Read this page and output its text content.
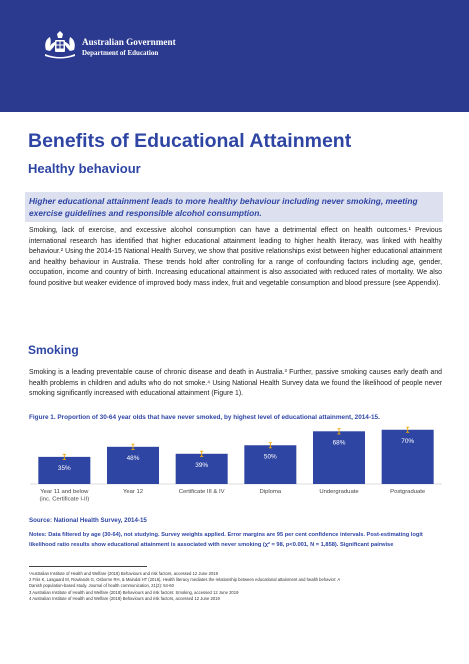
Australian Government
Department of Education
Benefits of Educational Attainment
Healthy behaviour

Higher educational attainment leads to more healthy behaviour including never smoking, meeting exercise guidelines and responsible alcohol consumption.

Smoking, lack of exercise, and excessive alcohol consumption can have a detrimental effect on health outcomes.¹ Previous international research has identified that higher educational attainment leading to higher health literacy, was linked with healthy behaviour.² Using the 2014-15 National Health Survey, we show that positive relationships exist between higher educational attainment and healthy behaviour in Australia. These trends hold after controlling for a range of confounding factors including age, gender, occupation, income and country of birth. Increasing educational attainment is also associated with reduced rates of mortality. We also found positive but weaker evidence of improved body mass index, fruit and vegetable consumption and blood pressure (see Appendix).

Smoking

Smoking is a leading preventable cause of chronic disease and death in Australia.³ Further, passive smoking causes early death and health problems in children and adults who do not smoke.⁴ Using National Health Survey data we found the likelihood of people never smoking significantly increased with educational attainment (Figure 1).

Figure 1. Proportion of 30-64 year olds that have never smoked, by highest level of educational attainment, 2014-15.
35%
Year 11 and below
(inc. Certificate I-II)
48%
Year 12
39%
Certificate III & IV
50%
Diploma
68%
Undergraduate
70%
Postgraduate
Source: National Health Survey, 2014-15
Notes: Data filtered by age (30-64), not studying. Survey weights applied. Error margins are 95 per cent confidence intervals. Post-estimating logit likelihood ratio results show educational attainment is associated with never smoking (χ² = 98, p<0.001, N = 1,858). Significant pairwise

¹Australian Institute of Health and Welfare (2018) Behaviours and risk factors, accessed 12 June 2019

2 Friis K, Lasgaard M, Rowlands G, Osborne RH, & Maindal HT (2016), Health literacy mediates the relationship between educational attainment and health behavior: A

Danish population-based study. Journal of health communication, 21(2): 54-60

3 Australian Institute of Health and Welfare (2018) Behaviours and risk factors: Smoking, accessed 12 June 2019

4 Australian Institute of Health and Welfare (2018) Behaviours and risk factors, accessed 12 June 2019
